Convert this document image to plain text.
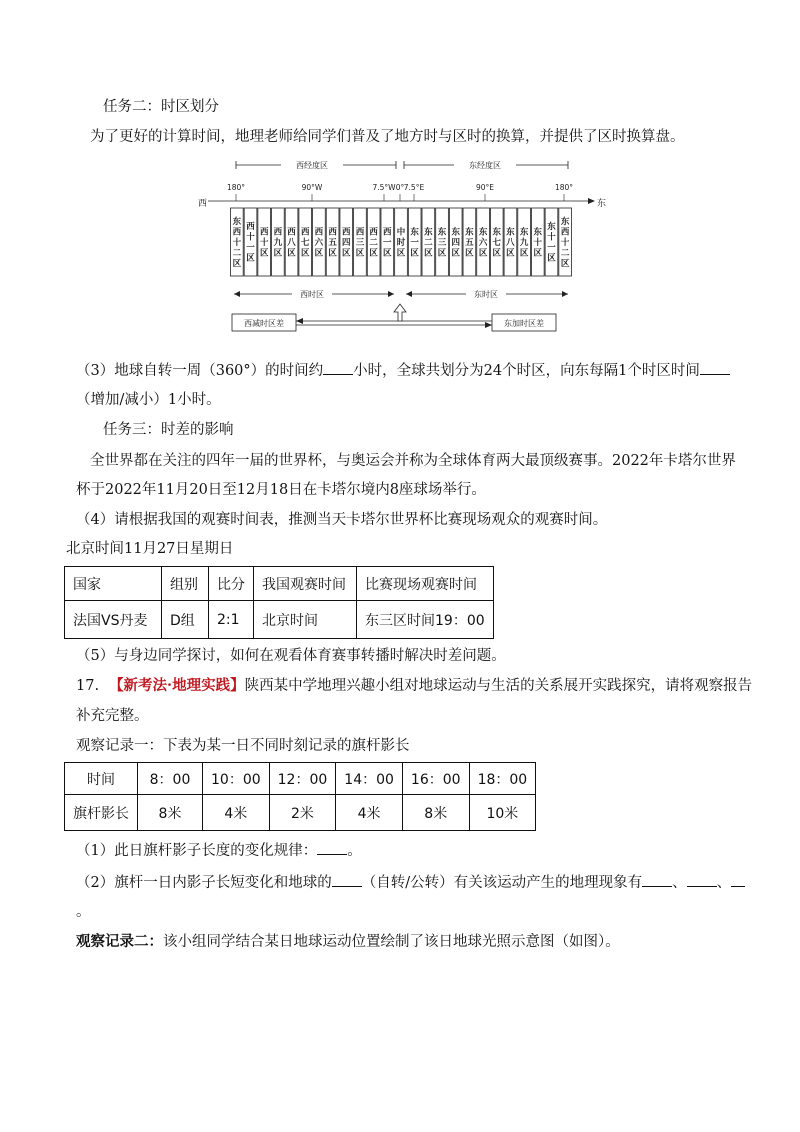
任务二：时区划分
为了更好的计算时间，地理老师给同学们普及了地方时与区时的换算，并提供了区时换算盘。
西经度区	东经度区
180°	90°W	7.5°W 0° 7.5°E	90°E	180°
西	东
东西十二区
西十一区
西十区
西九区
西八区
西七区
西六区
西五区
西四区
西三区
西二区
西一区
中时区
东一区
东二区
东三区
东四区
东五区
东六区
东七区
东八区
东九区
东十区
东十一区
东西十二区
西时区	东时区
西减时区差	东加时区差
（3）地球自转一周（360°）的时间约 小时，全球共划分为24个时区，向东每隔1个时区时间
（增加/减小）1小时。
任务三：时差的影响
全世界都在关注的四年一届的世界杯，与奥运会并称为全球体育两大最顶级赛事。2022年卡塔尔世界
杯于2022年11月20日至12月18日在卡塔尔境内8座球场举行。
（4）请根据我国的观赛时间表，推测当天卡塔尔世界杯比赛现场观众的观赛时间。
北京时间11月27日星期日
国家	组别	比分	我国观赛时间	比赛现场观赛时间
法国VS丹麦	D组	2:1	北京时间	东三区时间19：00
（5）与身边同学探讨，如何在观看体育赛事转播时解决时差问题。
17. 【新考法·地理实践】陕西某中学地理兴趣小组对地球运动与生活的关系展开实践探究，请将观察报告
补充完整。
观察记录一：下表为某一日不同时刻记录的旗杆影长
时间	8：00	10：00	12：00	14：00	16：00	18：00
旗杆影长	8米	4米	2米	4米	8米	10米
（1）此日旗杆影子长度的变化规律： 。
（2）旗杆一日内影子长短变化和地球的 （自转/公转）有关该运动产生的地理现象有 、 、
。
观察记录二：该小组同学结合某日地球运动位置绘制了该日地球光照示意图（如图）。
